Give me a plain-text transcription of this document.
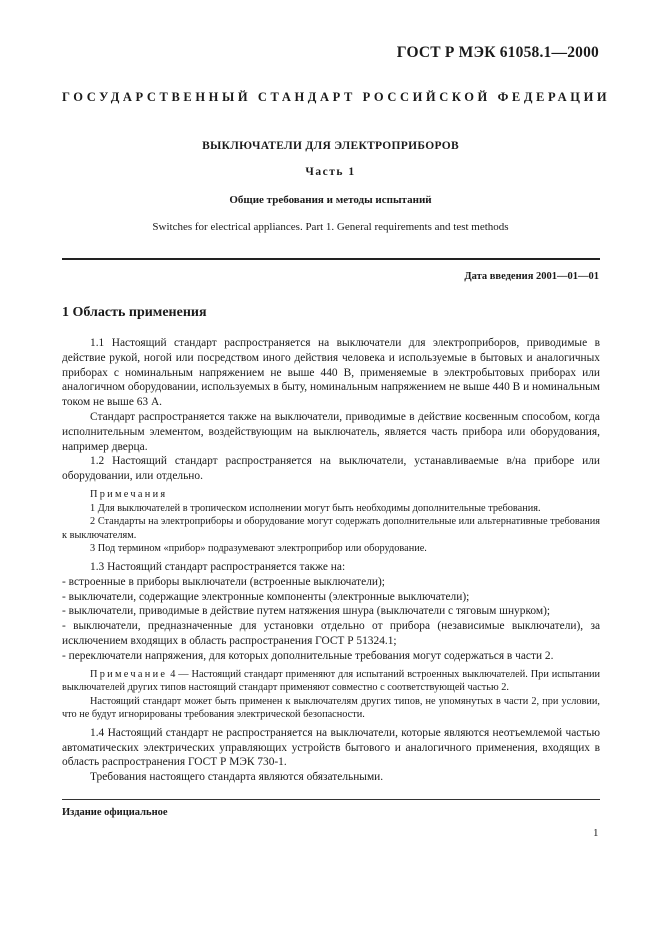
ГОСТ Р МЭК 61058.1—2000
ГОСУДАРСТВЕННЫЙ СТАНДАРТ РОССИЙСКОЙ ФЕДЕРАЦИИ
ВЫКЛЮЧАТЕЛИ ДЛЯ ЭЛЕКТРОПРИБОРОВ
Часть 1
Общие требования и методы испытаний
Switches for electrical appliances. Part 1. General requirements and test methods
Дата введения 2001—01—01
1 Область применения

1.1 Настоящий стандарт распространяется на выключатели для электроприборов, приводимые в действие рукой, ногой или посредством иного действия человека и используемые в бытовых и аналогичных приборах с номинальным напряжением не выше 440 В, применяемые в электробытовых приборах или аналогичном оборудовании, используемых в быту, номинальным напряжением не выше 440 В и номинальным током не выше 63 А.

Стандарт распространяется также на выключатели, приводимые в действие косвенным способом, когда исполнительным элементом, воздействующим на выключатель, является часть прибора или оборудования, например дверца.

1.2 Настоящий стандарт распространяется на выключатели, устанавливаемые в/на приборе или оборудовании, или отдельно.

Примечания

1 Для выключателей в тропическом исполнении могут быть необходимы дополнительные требования.

2 Стандарты на электроприборы и оборудование могут содержать дополнительные или альтернативные требования к выключателям.

3 Под термином «прибор» подразумевают электроприбор или оборудование.

1.3 Настоящий стандарт распространяется также на:

- встроенные в приборы выключатели (встроенные выключатели);

- выключатели, содержащие электронные компоненты (электронные выключатели);

- выключатели, приводимые в действие путем натяжения шнура (выключатели с тяговым шнурком);

- выключатели, предназначенные для установки отдельно от прибора (независимые выключатели), за исключением входящих в область распространения ГОСТ Р 51324.1;

- переключатели напряжения, для которых дополнительные требования могут содержаться в части 2.

Примечание 4 — Настоящий стандарт применяют для испытаний встроенных выключателей. При испытании выключателей других типов настоящий стандарт применяют совместно с соответствующей частью 2.

Настоящий стандарт может быть применен к выключателям других типов, не упомянутых в части 2, при условии, что не будут игнорированы требования электрической безопасности.

1.4 Настоящий стандарт не распространяется на выключатели, которые являются неотъемлемой частью автоматических электрических управляющих устройств бытового и аналогичного применения, входящих в область распространения ГОСТ Р МЭК 730-1.

Требования настоящего стандарта являются обязательными.

Издание официальное
1
